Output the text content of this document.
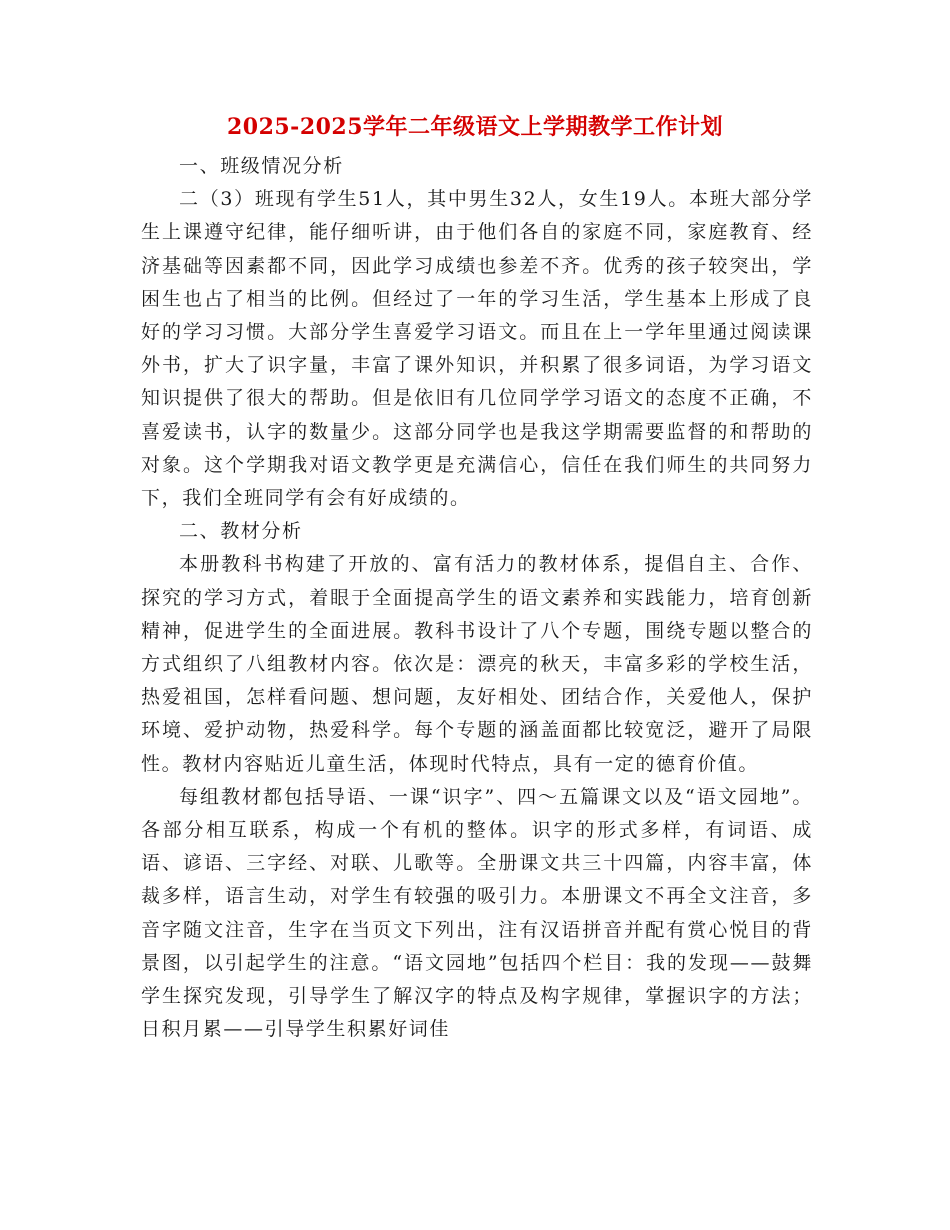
2025-2025学年二年级语文上学期教学工作计划
一、班级情况分析

二（3）班现有学生51人，其中男生32人，女生19人。本班大部分学生上课遵守纪律，能仔细听讲，由于他们各自的家庭不同，家庭教育、经济基础等因素都不同，因此学习成绩也参差不齐。优秀的孩子较突出，学困生也占了相当的比例。但经过了一年的学习生活，学生基本上形成了良好的学习习惯。大部分学生喜爱学习语文。而且在上一学年里通过阅读课外书，扩大了识字量，丰富了课外知识，并积累了很多词语，为学习语文知识提供了很大的帮助。但是依旧有几位同学学习语文的态度不正确，不喜爱读书，认字的数量少。这部分同学也是我这学期需要监督的和帮助的对象。这个学期我对语文教学更是充满信心，信任在我们师生的共同努力下，我们全班同学有会有好成绩的。

二、教材分析

本册教科书构建了开放的、富有活力的教材体系，提倡自主、合作、探究的学习方式，着眼于全面提高学生的语文素养和实践能力，培育创新精神，促进学生的全面进展。教科书设计了八个专题，围绕专题以整合的方式组织了八组教材内容。依次是：漂亮的秋天，丰富多彩的学校生活，热爱祖国，怎样看问题、想问题，友好相处、团结合作，关爱他人，保护环境、爱护动物，热爱科学。每个专题的涵盖面都比较宽泛，避开了局限性。教材内容贴近儿童生活，体现时代特点，具有一定的德育价值。

每组教材都包括导语、一课“识字”、四～五篇课文以及“语文园地”。各部分相互联系，构成一个有机的整体。识字的形式多样，有词语、成语、谚语、三字经、对联、儿歌等。全册课文共三十四篇，内容丰富，体裁多样，语言生动，对学生有较强的吸引力。本册课文不再全文注音，多音字随文注音，生字在当页文下列出，注有汉语拼音并配有赏心悦目的背景图，以引起学生的注意。“语文园地”包括四个栏目：我的发现——鼓舞学生探究发现，引导学生了解汉字的特点及构字规律，掌握识字的方法；日积月累——引导学生积累好词佳
